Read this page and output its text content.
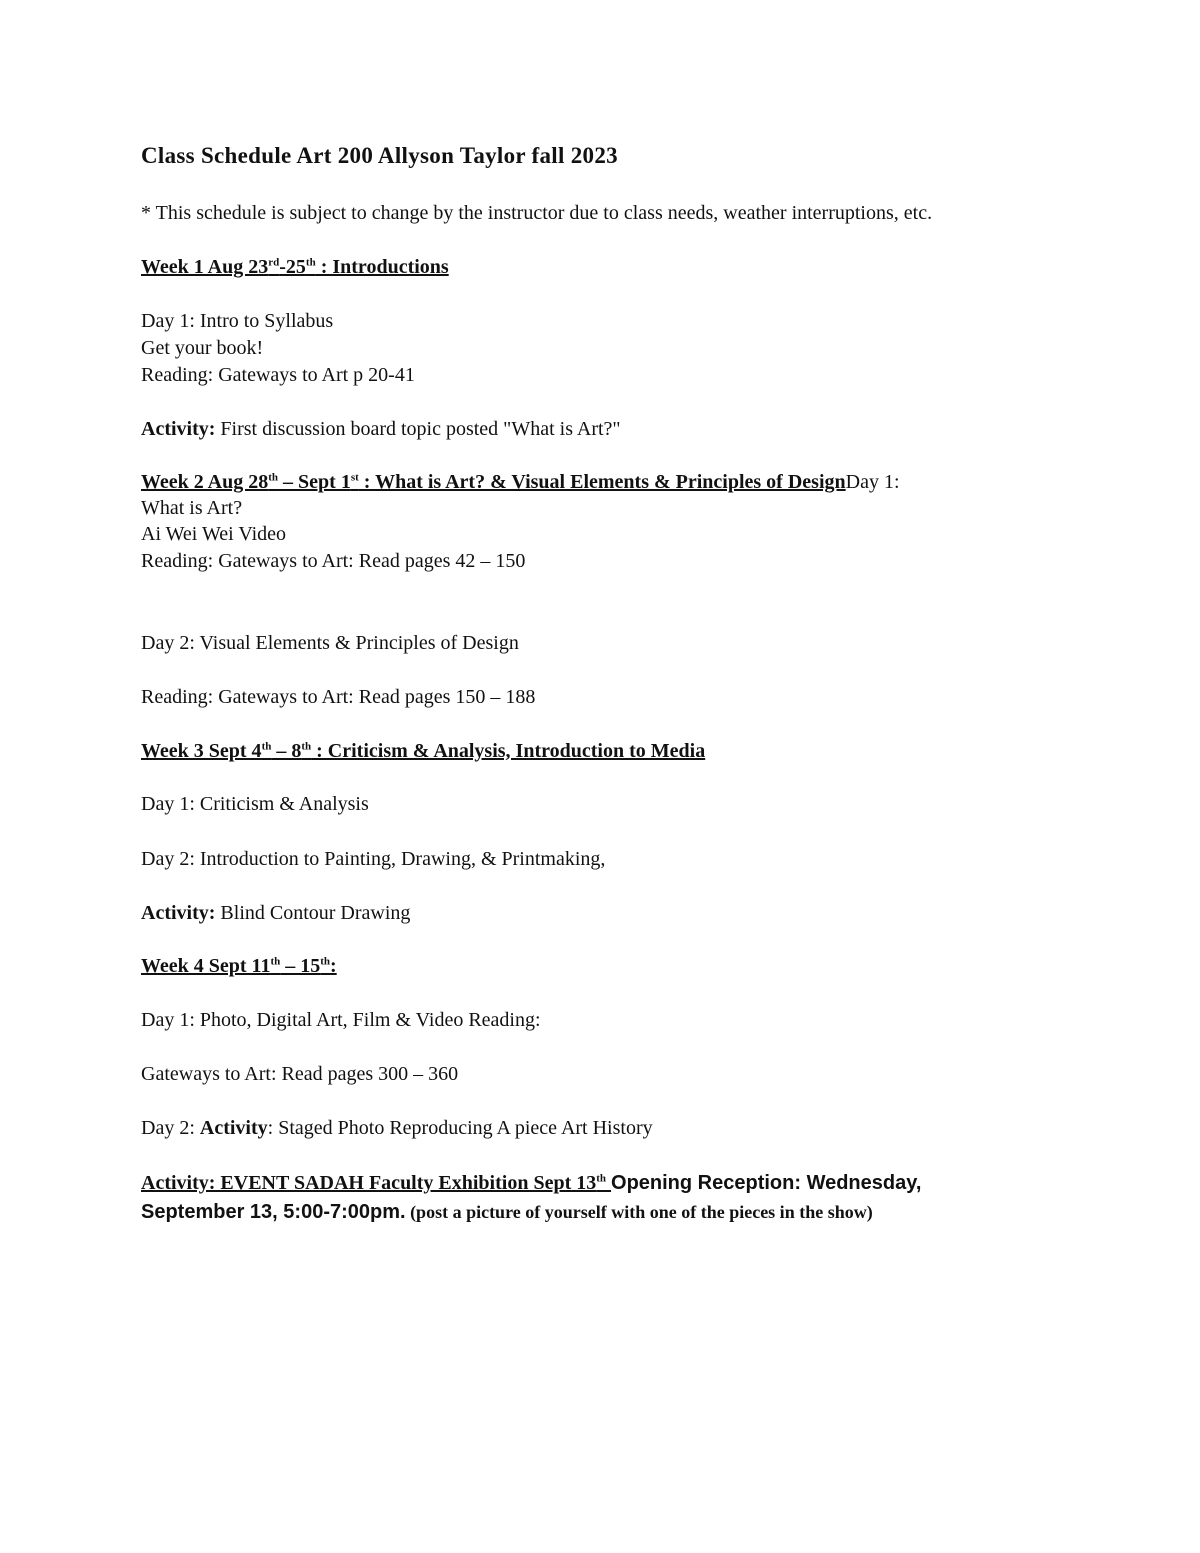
Class Schedule Art 200 Allyson Taylor fall 2023
* This schedule is subject to change by the instructor due to class needs, weather interruptions, etc.
Week 1 Aug 23rd-25th : Introductions
Day 1: Intro to Syllabus
Get your book!
Reading: Gateways to Art p 20-41
Activity: First discussion board topic posted "What is Art?"
Week 2 Aug 28th – Sept 1st : What is Art? & Visual Elements & Principles of DesignDay 1:
What is Art?
Ai Wei Wei Video
Reading: Gateways to Art: Read pages 42 – 150
Day 2: Visual Elements & Principles of Design
Reading: Gateways to Art: Read pages 150 – 188
Week 3 Sept 4th – 8th : Criticism & Analysis, Introduction to Media
Day 1: Criticism & Analysis
Day 2: Introduction to Painting, Drawing, & Printmaking,
Activity: Blind Contour Drawing
Week 4 Sept 11th – 15th:
Day 1: Photo, Digital Art, Film & Video Reading:
Gateways to Art: Read pages 300 – 360
Day 2: Activity: Staged Photo Reproducing A piece Art History
Activity: EVENT SADAH Faculty Exhibition Sept 13th Opening Reception: Wednesday,
September 13, 5:00-7:00pm. (post a picture of yourself with one of the pieces in the show)
